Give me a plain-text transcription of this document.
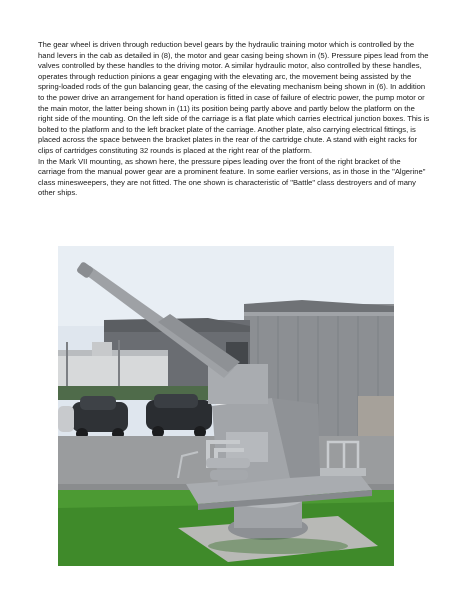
The gear wheel is driven through reduction bevel gears by the hydraulic training motor which is controlled by the hand levers in the cab as detailed in (8), the motor and gear casing being shown in (5). Pressure pipes lead from the valves controlled by these handles to the driving motor. A similar hydraulic motor, also controlled by these handles, operates through reduction pinions a gear engaging with the elevating arc, the movement being assisted by the spring-loaded rods of the gun balancing gear, the casing of the elevating mechanism being shown in (6). In addition to the power drive an arrangement for hand operation is fitted in case of failure of electric power, the pump motor or the main motor, the latter being shown in (11) its position being partly above and partly below the platform on the right side of the mounting. On the left side of the carriage is a flat plate which carries electrical junction boxes. This is bolted to the platform and to the left bracket plate of the carriage. Another plate, also carrying electrical fittings, is placed across the space between the bracket plates in the rear of the cartridge chute. A stand with eight racks for clips of cartridges constituting 32 rounds is placed at the right rear of the platform.

In the Mark VII mounting, as shown here, the pressure pipes leading over the front of the right bracket of the carriage from the manual power gear are a prominent feature. In some earlier versions, as in those in the "Algerine" class minesweepers, they are not fitted. The one shown is characteristic of "Battle" class destroyers and of many other ships.
